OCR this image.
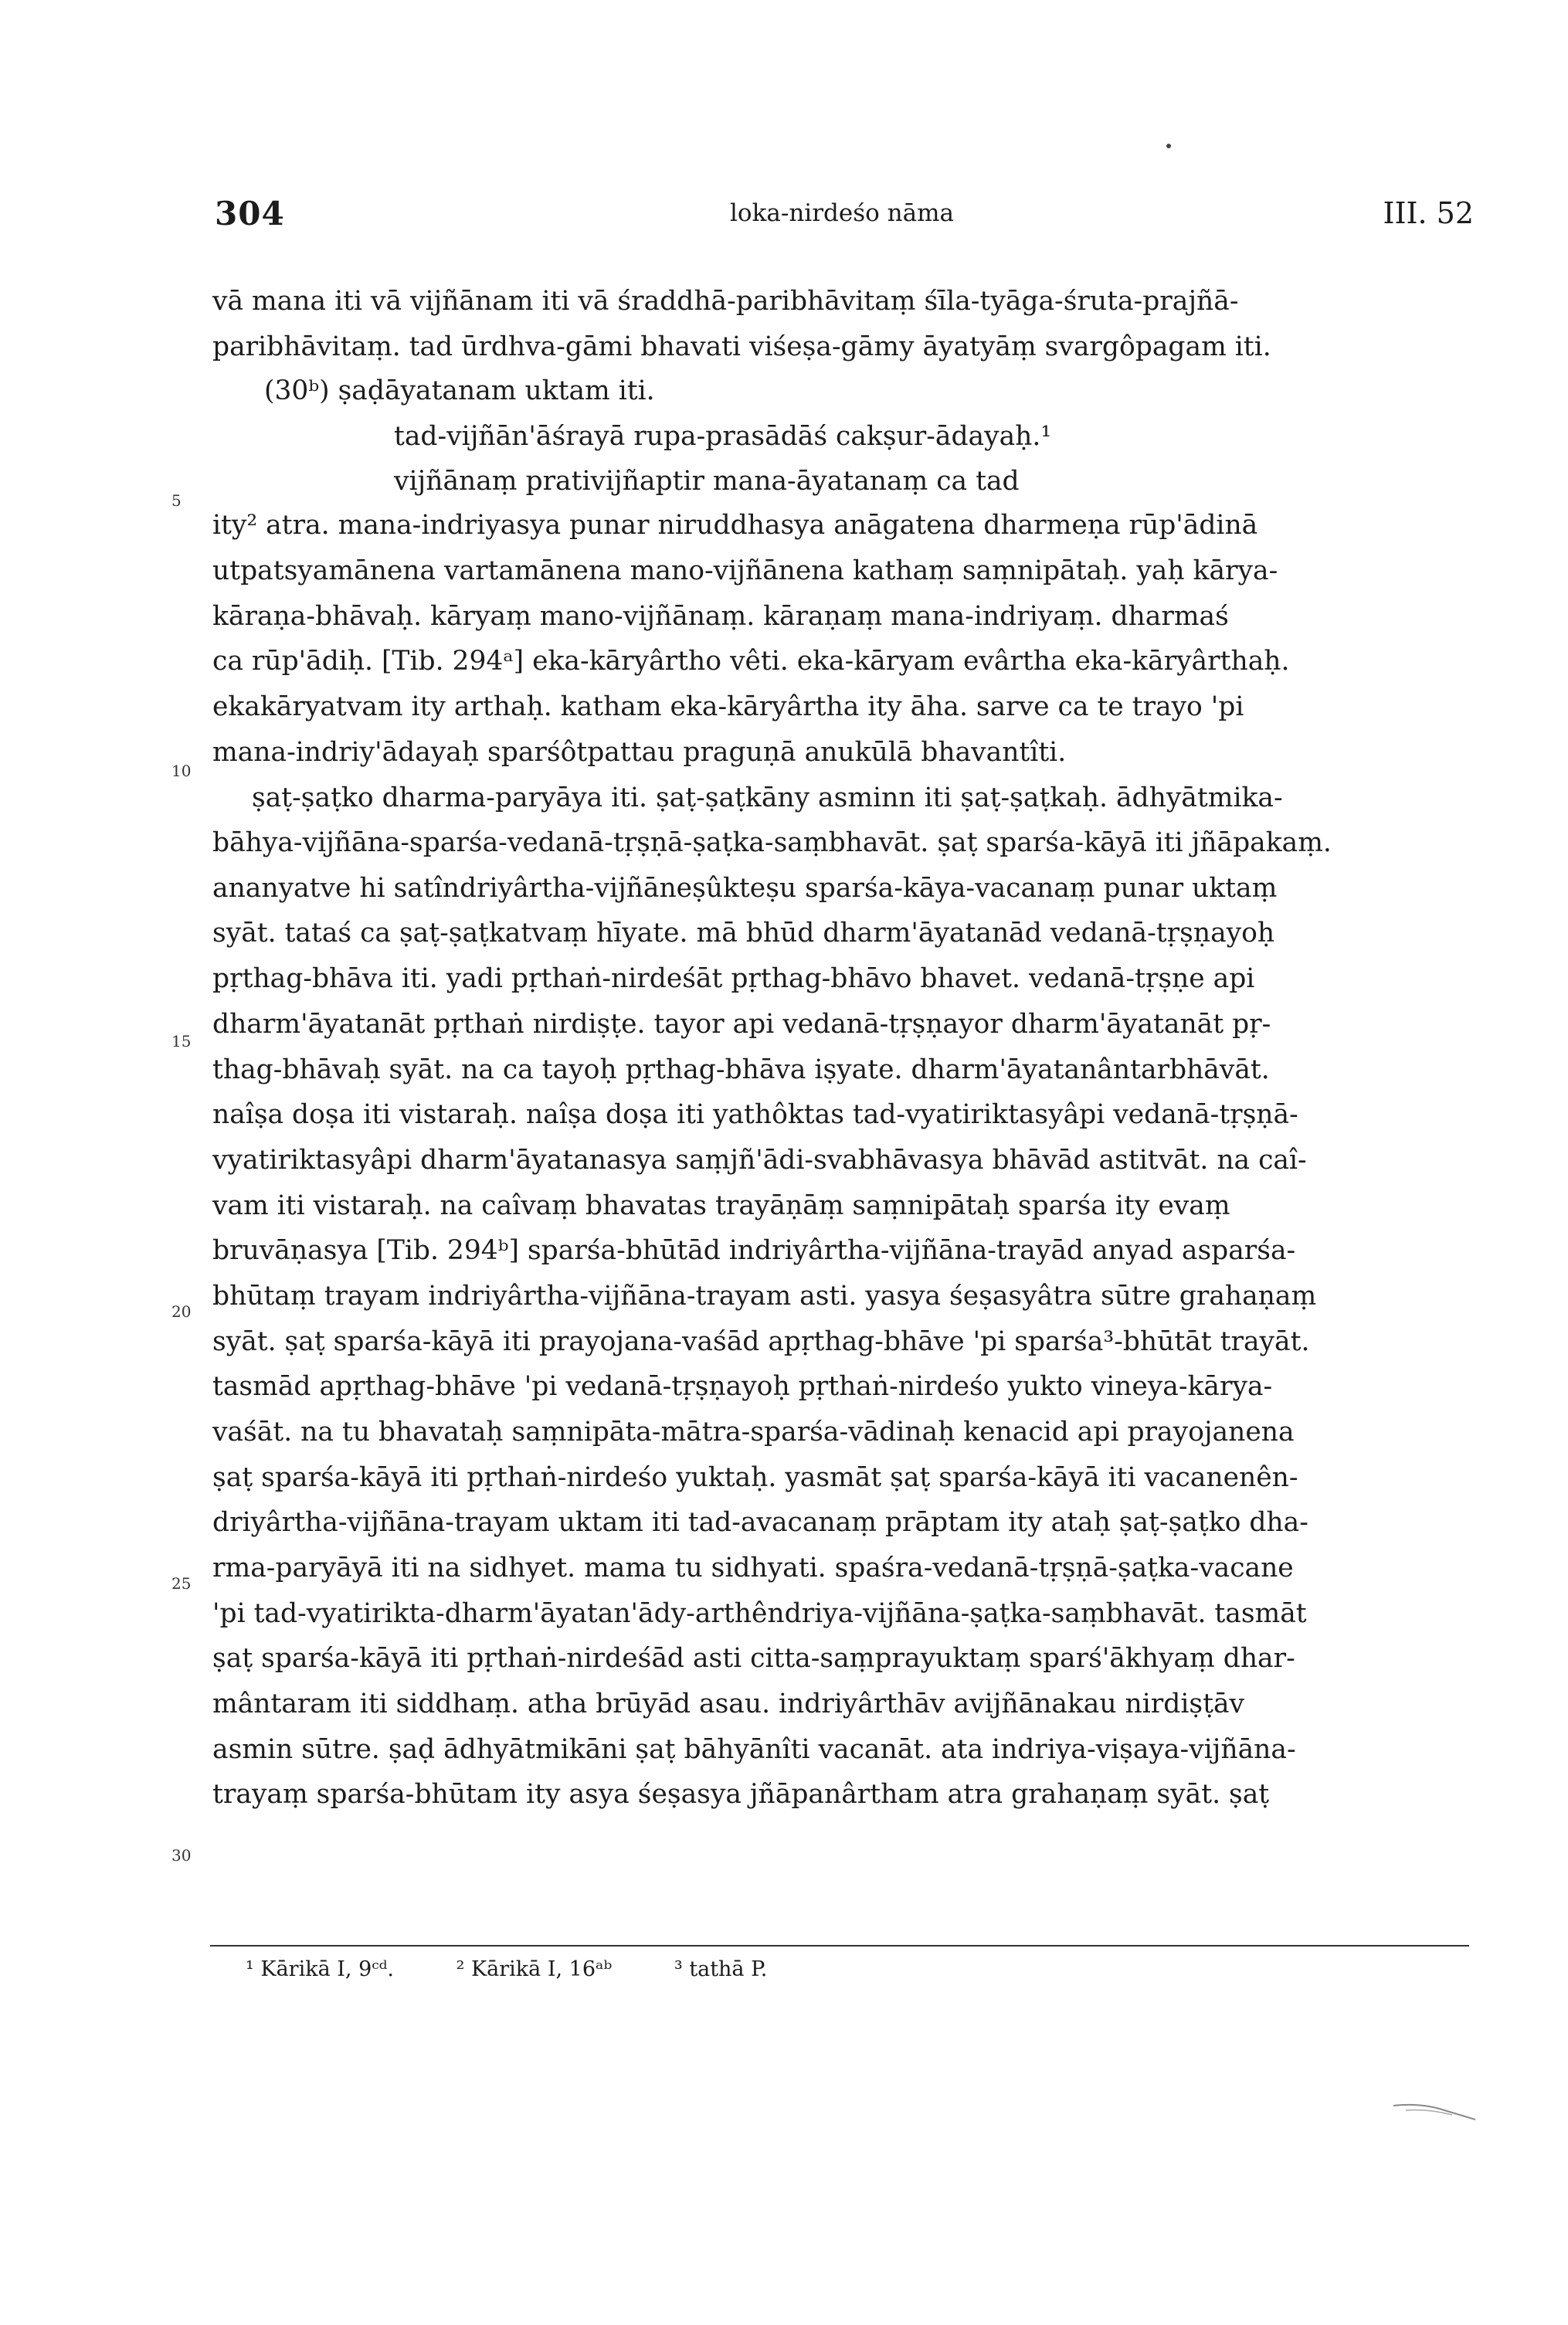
304	loka-nirdeśo nāma	III. 52
vā mana iti vā vijñānam iti vā śraddhā-paribhāvitaṃ śīla-tyāga-śruta-prajñā-
paribhāvitaṃ. tad ūrdhva-gāmi bhavati viśeṣa-gāmy āyatyāṃ svargôpagam iti.
(30ᵇ) ṣaḍāyatanam uktam iti.
tad-vijñān'āśrayā rupa-prasādāś cakṣur-ādayaḥ.¹
vijñānaṃ prativijñaptir mana-āyatanaṃ ca tad
ity² atra. mana-indriyasya punar niruddhasya anāgatena dharmeṇa rūp'ādinā
utpatsyamānena vartamānena mano-vijñānena kathaṃ saṃnipātaḥ. yaḥ kārya-
kāraṇa-bhāvaḥ. kāryaṃ mano-vijñānaṃ. kāraṇaṃ mana-indriyaṃ. dharmaś
ca rūp'ādiḥ. [Tib. 294ᵃ] eka-kāryârtho vêti. eka-kāryam evârtha eka-kāryârthaḥ.
ekakāryatvam ity arthaḥ. katham eka-kāryârtha ity āha. sarve ca te trayo 'pi
mana-indriy'ādayaḥ sparśôtpattau praguṇā anukūlā bhavantîti.
ṣaṭ-ṣaṭko dharma-paryāya iti. ṣaṭ-ṣaṭkāny asminn iti ṣaṭ-ṣaṭkaḥ. ādhyātmika-
bāhya-vijñāna-sparśa-vedanā-tṛṣṇā-ṣaṭka-saṃbhavāt. ṣaṭ sparśa-kāyā iti jñāpakaṃ.
ananyatve hi satîndriyârtha-vijñāneṣûkteṣu sparśa-kāya-vacanaṃ punar uktaṃ
syāt. tataś ca ṣaṭ-ṣaṭkatvaṃ hīyate. mā bhūd dharm'āyatanād vedanā-tṛṣṇayoḥ
pṛthag-bhāva iti. yadi pṛthaṅ-nirdeśāt pṛthag-bhāvo bhavet. vedanā-tṛṣṇe api
dharm'āyatanāt pṛthaṅ nirdiṣṭe. tayor api vedanā-tṛṣṇayor dharm'āyatanāt pṛ-
thag-bhāvaḥ syāt. na ca tayoḥ pṛthag-bhāva iṣyate. dharm'āyatanântarbhāvāt.
naîṣa doṣa iti vistaraḥ. naîṣa doṣa iti yathôktas tad-vyatiriktasyâpi vedanā-tṛṣṇā-
vyatiriktasyâpi dharm'āyatanasya saṃjñ'ādi-svabhāvasya bhāvād astitvāt. na caî-
vam iti vistaraḥ. na caîvaṃ bhavatas trayāṇāṃ saṃnipātaḥ sparśa ity evaṃ
bruvāṇasya [Tib. 294ᵇ] sparśa-bhūtād indriyârtha-vijñāna-trayād anyad asparśa-
bhūtaṃ trayam indriyârtha-vijñāna-trayam asti. yasya śeṣasyâtra sūtre grahaṇaṃ
syāt. ṣaṭ sparśa-kāyā iti prayojana-vaśād apṛthag-bhāve 'pi sparśa³-bhūtāt trayāt.
tasmād apṛthag-bhāve 'pi vedanā-tṛṣṇayoḥ pṛthaṅ-nirdeśo yukto vineya-kārya-
vaśāt. na tu bhavataḥ saṃnipāta-mātra-sparśa-vādinaḥ kenacid api prayojanena
ṣaṭ sparśa-kāyā iti pṛthaṅ-nirdeśo yuktaḥ. yasmāt ṣaṭ sparśa-kāyā iti vacanenên-
driyârtha-vijñāna-trayam uktam iti tad-avacanaṃ prāptam ity ataḥ ṣaṭ-ṣaṭko dha-
rma-paryāyā iti na sidhyet. mama tu sidhyati. spaśra-vedanā-tṛṣṇā-ṣaṭka-vacane
'pi tad-vyatirikta-dharm'āyatan'ādy-arthêndriya-vijñāna-ṣaṭka-saṃbhavāt. tasmāt
ṣaṭ sparśa-kāyā iti pṛthaṅ-nirdeśād asti citta-saṃprayuktaṃ sparś'ākhyaṃ dhar-
mântaram iti siddhaṃ. atha brūyād asau. indriyârthāv avijñānakau nirdiṣṭāv
asmin sūtre. ṣaḍ ādhyātmikāni ṣaṭ bāhyānîti vacanāt. ata indriya-viṣaya-vijñāna-
trayaṃ sparśa-bhūtam ity asya śeṣasya jñāpanârtham atra grahaṇaṃ syāt. ṣaṭ
5
10
15
20
25
30
¹ Kārikā I, 9ᶜᵈ.	² Kārikā I, 16ᵃᵇ	³ tathā P.
